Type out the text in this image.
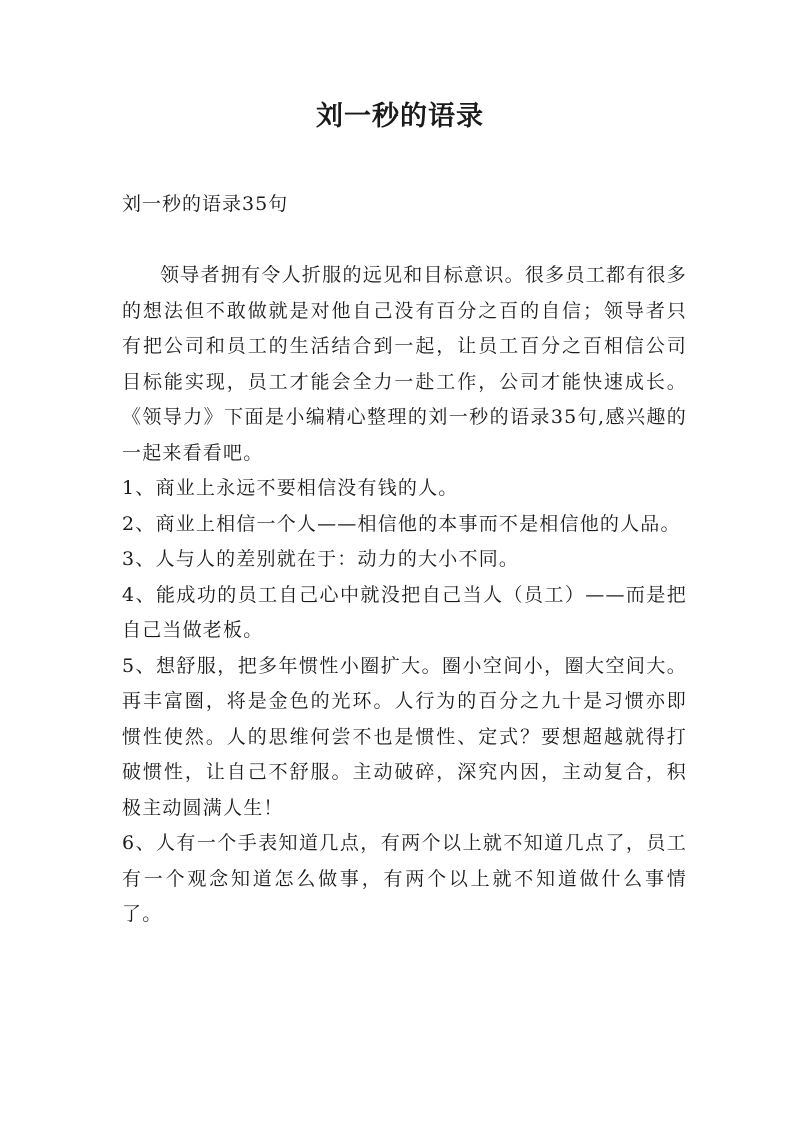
刘一秒的语录

刘一秒的语录35句

领导者拥有令人折服的远见和目标意识。很多员工都有很多的想法但不敢做就是对他自己没有百分之百的自信；领导者只有把公司和员工的生活结合到一起，让员工百分之百相信公司目标能实现，员工才能会全力一赴工作，公司才能快速成长。《领导力》下面是小编精心整理的刘一秒的语录35句,感兴趣的一起来看看吧。

1、商业上永远不要相信没有钱的人。

2、商业上相信一个人——相信他的本事而不是相信他的人品。

3、人与人的差别就在于：动力的大小不同。

4、能成功的员工自己心中就没把自己当人（员工）——而是把自己当做老板。

5、想舒服，把多年惯性小圈扩大。圈小空间小，圈大空间大。再丰富圈，将是金色的光环。人行为的百分之九十是习惯亦即惯性使然。人的思维何尝不也是惯性、定式？要想超越就得打破惯性，让自己不舒服。主动破碎，深究内因，主动复合，积极主动圆满人生！

6、人有一个手表知道几点，有两个以上就不知道几点了，员工有一个观念知道怎么做事，有两个以上就不知道做什么事情了。
